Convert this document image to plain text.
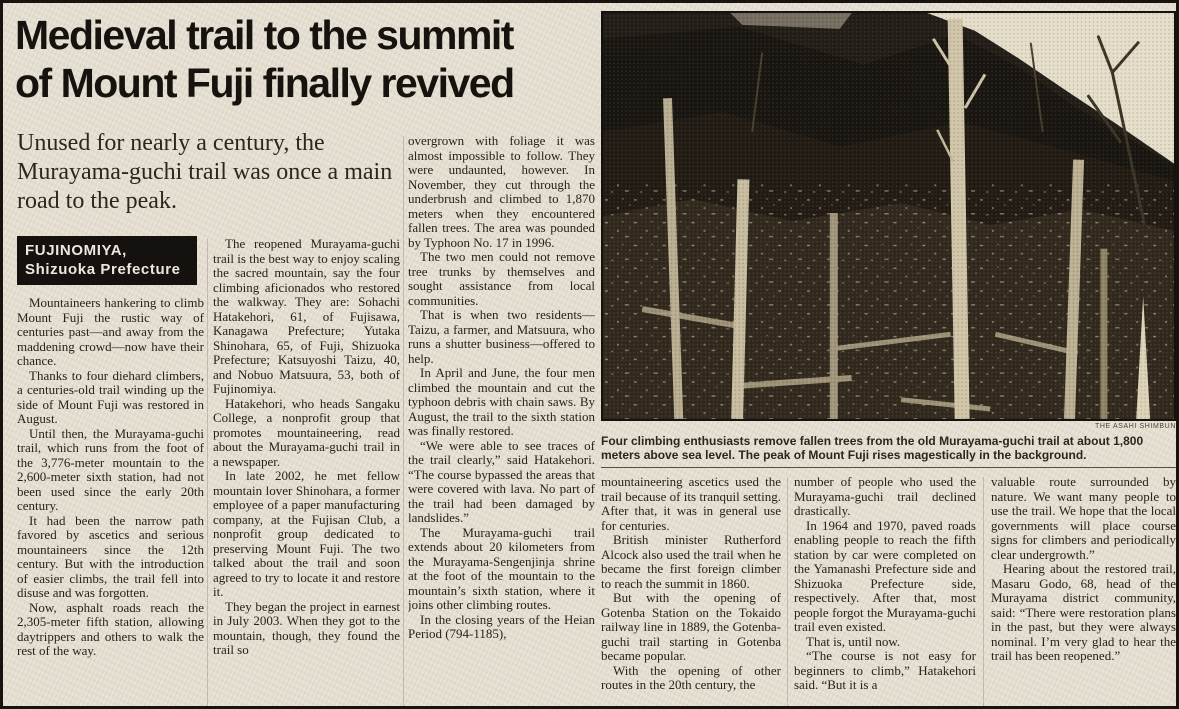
Medieval trail to the summit
of Mount Fuji finally revived

Unused for nearly a century, the Murayama-guchi trail was once a main road to the peak.

FUJINOMIYA,
Shizuoka Prefecture

Mountaineers hankering to climb Mount Fuji the rustic way of centuries past—and away from the maddening crowd—now have their chance.

Thanks to four diehard climbers, a centuries-old trail winding up the side of Mount Fuji was restored in August.

Until then, the Murayama-guchi trail, which runs from the foot of the 3,776-meter mountain to the 2,600-meter sixth station, had not been used since the early 20th century.

It had been the narrow path favored by ascetics and serious mountaineers since the 12th century. But with the introduction of easier climbs, the trail fell into disuse and was forgotten.

Now, asphalt roads reach the 2,305-meter fifth station, allowing daytrippers and others to walk the rest of the way.

The reopened Murayama-guchi trail is the best way to enjoy scaling the sacred mountain, say the four climbing aficionados who restored the walkway. They are: Sohachi Hatakehori, 61, of Fujisawa, Kanagawa Prefecture; Yutaka Shinohara, 65, of Fuji, Shizuoka Prefecture; Katsuyoshi Taizu, 40, and Nobuo Matsuura, 53, both of Fujinomiya.

Hatakehori, who heads Sangaku College, a nonprofit group that promotes mountaineering, read about the Murayama-guchi trail in a newspaper.

In late 2002, he met fellow mountain lover Shinohara, a former employee of a paper manufacturing company, at the Fujisan Club, a nonprofit group dedicated to preserving Mount Fuji. The two talked about the trail and soon agreed to try to locate it and restore it.

They began the project in earnest in July 2003. When they got to the mountain, though, they found the trail so

overgrown with foliage it was almost impossible to follow. They were undaunted, however. In November, they cut through the underbrush and climbed to 1,870 meters when they encountered fallen trees. The area was pounded by Typhoon No. 17 in 1996.

The two men could not remove tree trunks by themselves and sought assistance from local communities.

That is when two residents—Taizu, a farmer, and Matsuura, who runs a shutter business—offered to help.

In April and June, the four men climbed the mountain and cut the typhoon debris with chain saws. By August, the trail to the sixth station was finally restored.

“We were able to see traces of the trail clearly,” said Hatakehori. “The course bypassed the areas that were covered with lava. No part of the trail had been damaged by landslides.”

The Murayama-guchi trail extends about 20 kilometers from the Murayama-Sengenjinja shrine at the foot of the mountain to the mountain’s sixth station, where it joins other climbing routes.

In the closing years of the Heian Period (794-1185),

THE ASAHI SHIMBUN
Four climbing enthusiasts remove fallen trees from the old Murayama-guchi trail at about 1,800 meters above sea level. The peak of Mount Fuji rises magestically in the background.

mountaineering ascetics used the trail because of its tranquil setting. After that, it was in general use for centuries.

British minister Rutherford Alcock also used the trail when he became the first foreign climber to reach the summit in 1860.

But with the opening of Gotenba Station on the Tokaido railway line in 1889, the Gotenba-guchi trail starting in Gotenba became popular.

With the opening of other routes in the 20th century, the

number of people who used the Murayama-guchi trail declined drastically.

In 1964 and 1970, paved roads enabling people to reach the fifth station by car were completed on the Yamanashi Prefecture side and Shizuoka Prefecture side, respectively. After that, most people forgot the Murayama-guchi trail even existed.

That is, until now.

“The course is not easy for beginners to climb,” Hatakehori said. “But it is a

valuable route surrounded by nature. We want many people to use the trail. We hope that the local governments will place course signs for climbers and periodically clear undergrowth.”

Hearing about the restored trail, Masaru Godo, 68, head of the Murayama district community, said: “There were restoration plans in the past, but they were always nominal. I’m very glad to hear the trail has been reopened.”
